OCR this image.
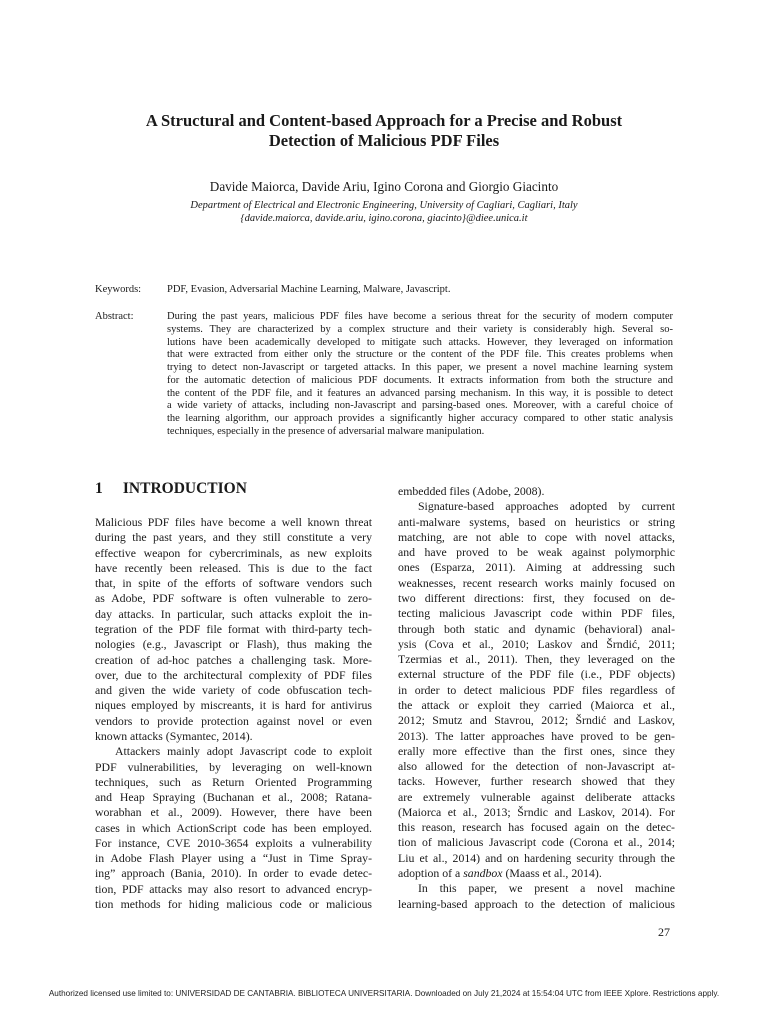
A Structural and Content-based Approach for a Precise and Robust
Detection of Malicious PDF Files
Davide Maiorca, Davide Ariu, Igino Corona and Giorgio Giacinto
Department of Electrical and Electronic Engineering, University of Cagliari, Cagliari, Italy
{davide.maiorca, davide.ariu, igino.corona, giacinto}@diee.unica.it
Keywords: PDF, Evasion, Adversarial Machine Learning, Malware, Javascript.
Abstract:	During the past years, malicious PDF files have become a serious threat for the security of modern computer
systems. They are characterized by a complex structure and their variety is considerably high. Several so-
lutions have been academically developed to mitigate such attacks. However, they leveraged on information
that were extracted from either only the structure or the content of the PDF file. This creates problems when
trying to detect non-Javascript or targeted attacks. In this paper, we present a novel machine learning system
for the automatic detection of malicious PDF documents. It extracts information from both the structure and
the content of the PDF file, and it features an advanced parsing mechanism. In this way, it is possible to detect
a wide variety of attacks, including non-Javascript and parsing-based ones. Moreover, with a careful choice of
the learning algorithm, our approach provides a significantly higher accuracy compared to other static analysis
techniques, especially in the presence of adversarial malware manipulation.
1 INTRODUCTION
Malicious PDF files have become a well known threat
during the past years, and they still constitute a very
effective weapon for cybercriminals, as new exploits
have recently been released. This is due to the fact
that, in spite of the efforts of software vendors such
as Adobe, PDF software is often vulnerable to zero-
day attacks. In particular, such attacks exploit the in-
tegration of the PDF file format with third-party tech-
nologies (e.g., Javascript or Flash), thus making the
creation of ad-hoc patches a challenging task. More-
over, due to the architectural complexity of PDF files
and given the wide variety of code obfuscation tech-
niques employed by miscreants, it is hard for antivirus
vendors to provide protection against novel or even
known attacks (Symantec, 2014).
Attackers mainly adopt Javascript code to exploit
PDF vulnerabilities, by leveraging on well-known
techniques, such as Return Oriented Programming
and Heap Spraying (Buchanan et al., 2008; Ratana-
worabhan et al., 2009). However, there have been
cases in which ActionScript code has been employed.
For instance, CVE 2010-3654 exploits a vulnerability
in Adobe Flash Player using a “Just in Time Spray-
ing” approach (Bania, 2010). In order to evade detec-
tion, PDF attacks may also resort to advanced encryp-
tion methods for hiding malicious code or malicious
embedded files (Adobe, 2008).
Signature-based approaches adopted by current
anti-malware systems, based on heuristics or string
matching, are not able to cope with novel attacks,
and have proved to be weak against polymorphic
ones (Esparza, 2011). Aiming at addressing such
weaknesses, recent research works mainly focused on
two different directions: first, they focused on de-
tecting malicious Javascript code within PDF files,
through both static and dynamic (behavioral) anal-
ysis (Cova et al., 2010; Laskov and Šrndić, 2011;
Tzermias et al., 2011). Then, they leveraged on the
external structure of the PDF file (i.e., PDF objects)
in order to detect malicious PDF files regardless of
the attack or exploit they carried (Maiorca et al.,
2012; Smutz and Stavrou, 2012; Šrndić and Laskov,
2013). The latter approaches have proved to be gen-
erally more effective than the first ones, since they
also allowed for the detection of non-Javascript at-
tacks. However, further research showed that they
are extremely vulnerable against deliberate attacks
(Maiorca et al., 2013; Šrndic and Laskov, 2014). For
this reason, research has focused again on the detec-
tion of malicious Javascript code (Corona et al., 2014;
Liu et al., 2014) and on hardening security through the
adoption of a sandbox (Maass et al., 2014).
In this paper, we present a novel machine
learning-based approach to the detection of malicious
27
Authorized licensed use limited to: UNIVERSIDAD DE CANTABRIA. BIBLIOTECA UNIVERSITARIA. Downloaded on July 21,2024 at 15:54:04 UTC from IEEE Xplore. Restrictions apply.
